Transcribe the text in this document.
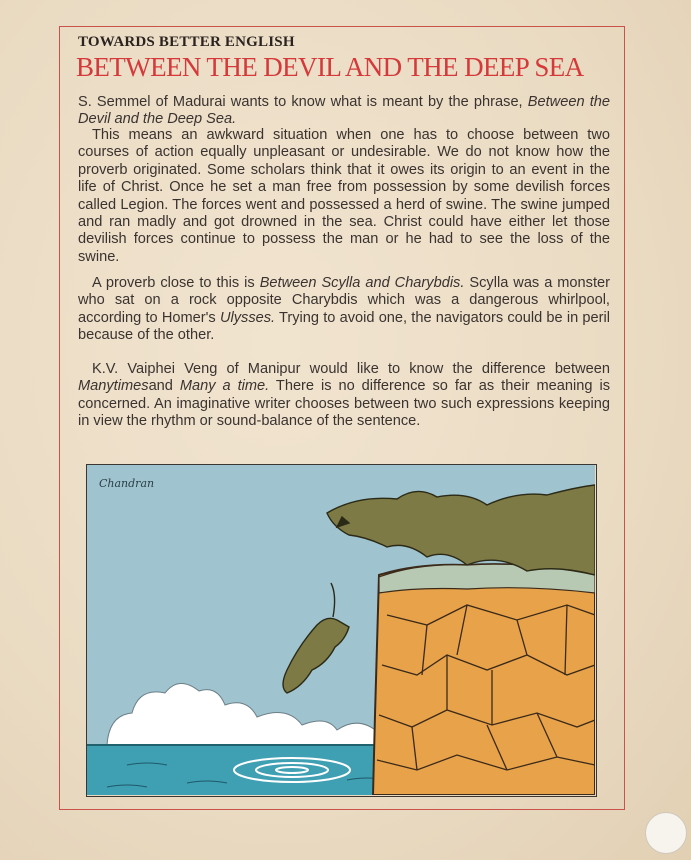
TOWARDS BETTER ENGLISH
BETWEEN THE DEVIL AND THE DEEP SEA

S. Semmel of Madurai wants to know what is meant by the phrase, Between the Devil and the Deep Sea.

This means an awkward situation when one has to choose between two courses of action equally unpleasant or undesirable. We do not know how the proverb originated. Some scholars think that it owes its origin to an event in the life of Christ. Once he set a man free from possession by some devilish forces called Legion. The forces went and possessed a herd of swine. The swine jumped and ran madly and got drowned in the sea. Christ could have either let those devilish forces continue to possess the man or he had to see the loss of the swine.

A proverb close to this is Between Scylla and Charybdis. Scylla was a monster who sat on a rock opposite Charybdis which was a dangerous whirlpool, according to Homer's Ulysses. Trying to avoid one, the navigators could be in peril because of the other.

K.V. Vaiphei Veng of Manipur would like to know the difference between Manytimesand Many a time. There is no difference so far as their meaning is concerned. An imaginative writer chooses between two such expressions keeping in view the rhythm or sound-balance of the sentence.

Chandran
